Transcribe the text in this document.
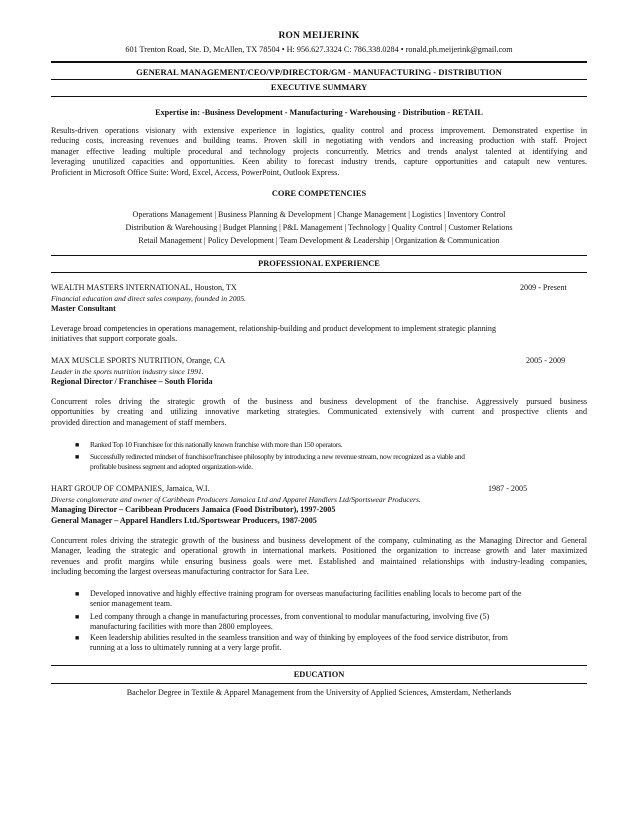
RON MEIJERINK
601 Trenton Road, Ste. D, McAllen, TX 78504 • H: 956.627.3324 C: 786.338.0284 • ronald.ph.meijerink@gmail.com
GENERAL MANAGEMENT/CEO/VP/DIRECTOR/GM - MANUFACTURING - DISTRIBUTION
EXECUTIVE SUMMARY
Expertise in: -Business Development - Manufacturing - Warehousing - Distribution - RETAIL
Results-driven operations visionary with extensive experience in logistics, quality control and process improvement. Demonstrated expertise in
reducing costs, increasing revenues and building teams. Proven skill in negotiating with vendors and increasing production with staff. Project
manager effective leading multiple procedural and technology projects concurrently. Metrics and trends analyst talented at identifying and
leveraging unutilized capacities and opportunities. Keen ability to forecast industry trends, capture opportunities and catapult new ventures.
Proficient in Microsoft Office Suite: Word, Excel, Access, PowerPoint, Outlook Express.
CORE COMPETENCIES
Operations Management | Business Planning & Development | Change Management | Logistics | Inventory Control
Distribution & Warehousing | Budget Planning | P&L Management | Technology | Quality Control | Customer Relations
Retail Management | Policy Development | Team Development & Leadership | Organization & Communication
PROFESSIONAL EXPERIENCE
WEALTH MASTERS INTERNATIONAL, Houston, TX	2009 - Present
Financial education and direct sales company, founded in 2005.
Master Consultant
Leverage broad competencies in operations management, relationship-building and product development to implement strategic planning
initiatives that support corporate goals.
MAX MUSCLE SPORTS NUTRITION, Orange, CA	2005 - 2009
Leader in the sports nutrition industry since 1991.
Regional Director / Franchisee – South Florida
Concurrent roles driving the strategic growth of the business and business development of the franchise. Aggressively pursued business
opportunities by creating and utilizing innovative marketing strategies. Communicated extensively with current and prospective clients and
provided direction and management of staff members.
■ Ranked Top 10 Franchisee for this nationally known franchise with more than 150 operators.
■ Successfully redirected mindset of franchisor/franchisee philosophy by introducing a new revenue stream, now recognized as a viable and
profitable business segment and adopted organization-wide.
HART GROUP OF COMPANIES, Jamaica, W.I.	1987 - 2005
Diverse conglomerate and owner of Caribbean Producers Jamaica Ltd and Apparel Handlers Ltd/Sportswear Producers.
Managing Director – Caribbean Producers Jamaica (Food Distributor), 1997-2005
General Manager – Apparel Handlers Ltd./Sportswear Producers, 1987-2005
Concurrent roles driving the strategic growth of the business and business development of the company, culminating as the Managing Director and General
Manager, leading the strategic and operational growth in international markets. Positioned the organization to increase growth and later maximized
revenues and profit margins while ensuring business goals were met. Established and maintained relationships with industry-leading companies,
including becoming the largest overseas manufacturing contractor for Sara Lee.
■ Developed innovative and highly effective training program for overseas manufacturing facilities enabling locals to become part of the
senior management team.
■ Led company through a change in manufacturing processes, from conventional to modular manufacturing, involving five (5)
manufacturing facilities with more than 2800 employees.
■ Keen leadership abilities resulted in the seamless transition and way of thinking by employees of the food service distributor, from
running at a loss to ultimately running at a very large profit.
EDUCATION
Bachelor Degree in Textile & Apparel Management from the University of Applied Sciences, Amsterdam, Netherlands
